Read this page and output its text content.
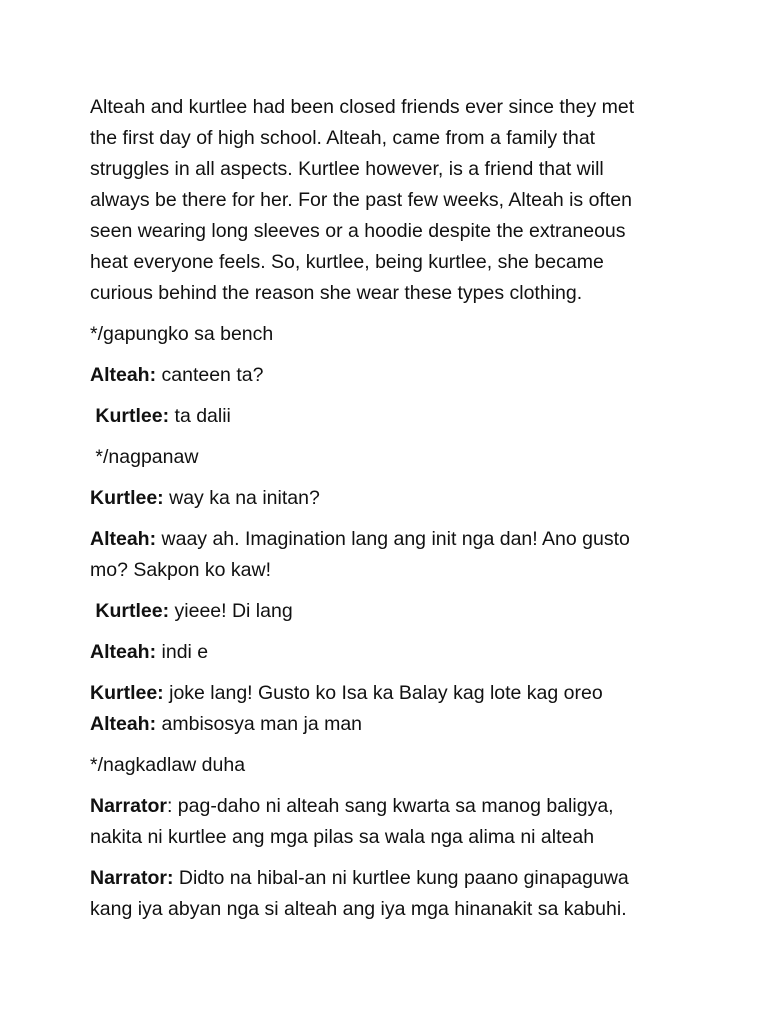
Alteah and kurtlee had been closed friends ever since they met
the first day of high school. Alteah, came from a family that
struggles in all aspects. Kurtlee however, is a friend that will
always be there for her. For the past few weeks, Alteah is often
seen wearing long sleeves or a hoodie despite the extraneous
heat everyone feels. So, kurtlee, being kurtlee, she became
curious behind the reason she wear these types clothing.
*/gapungko sa bench
Alteah: canteen ta?
Kurtlee: ta dalii
*/nagpanaw
Kurtlee: way ka na initan?
Alteah: waay ah. Imagination lang ang init nga dan! Ano gusto
mo? Sakpon ko kaw!
Kurtlee: yieee! Di lang
Alteah: indi e
Kurtlee: joke lang! Gusto ko Isa ka Balay kag lote kag oreo
Alteah: ambisosya man ja man
*/nagkadlaw duha
Narrator: pag-daho ni alteah sang kwarta sa manog baligya,
nakita ni kurtlee ang mga pilas sa wala nga alima ni alteah
Narrator: Didto na hibal-an ni kurtlee kung paano ginapaguwa
kang iya abyan nga si alteah ang iya mga hinanakit sa kabuhi.
